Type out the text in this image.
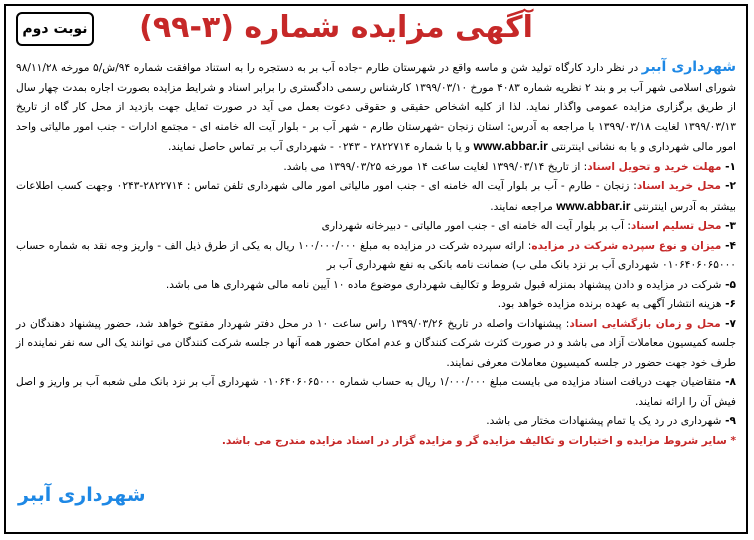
آگهی مزایده شماره (۳-۹۹)
نوبت دوم

شهرداری آببر در نظر دارد کارگاه تولید شن و ماسه واقع در شهرستان طارم -جاده آب بر به دستجره را به استناد موافقت شماره ۹۴/ش/۵ مورخه ۹۸/۱۱/۲۸ شورای اسلامی شهر آب بر و بند ۲ نظریه شماره ۴۰۸۳ مورخ ۱۳۹۹/۰۳/۱۰ کارشناس رسمی دادگستری را برابر اسناد و شرایط مزایده بصورت اجاره بمدت چهار سال از طریق برگزاری مزایده عمومی واگذار نماید. لذا از کلیه اشخاص حقیقی و حقوقی دعوت بعمل می آید در صورت تمایل جهت بازدید از محل کار گاه از تاریخ ۱۳۹۹/۰۳/۱۳ لغایت ۱۳۹۹/۰۳/۱۸ با مراجعه به آدرس: استان زنجان -شهرستان طارم - شهر آب بر - بلوار آیت اله خامنه ای - مجتمع ادارات - جنب امور مالیاتی واحد امور مالی شهرداری و یا به نشانی اینترنتی www.abbar.ir و یا با شماره ۲۸۲۲۷۱۴ - ۰۲۴۳ - شهرداری آب بر تماس حاصل نمایند.

۱- مهلت خرید و تحویل اسناد: از تاریخ ۱۳۹۹/۰۳/۱۴ لغایت ساعت ۱۴ مورخه ۱۳۹۹/۰۳/۲۵ می باشد.

۲- محل خرید اسناد: زنجان - طارم - آب بر بلوار آیت اله خامنه ای - جنب امور مالیاتی امور مالی شهرداری تلفن تماس : ۲۸۲۲۷۱۴-۰۲۴۳ وجهت کسب اطلاعات بیشتر به آدرس اینترنتی www.abbar.ir مراجعه نمایند.

۳- محل تسلیم اسناد: آب بر بلوار آیت اله خامنه ای - جنب امور مالیاتی - دبیرخانه شهرداری

۴- میزان و نوع سپرده شرکت در مزایده: ارائه سپرده شرکت در مزایده به مبلغ ۱۰۰/۰۰۰/۰۰۰ ریال به یکی از طرق ذیل الف - واریز وجه نقد به شماره حساب ۰۱۰۶۴۰۶۰۶۵۰۰۰ شهرداری آب بر نزد بانک ملی ب) ضمانت نامه بانکی به نفع شهرداری آب بر

۵- شرکت در مزایده و دادن پیشنهاد بمنزله قبول شروط و تکالیف شهرداری موضوع ماده ۱۰ آیین نامه مالی شهرداری ها می باشد.

۶- هزینه انتشار آگهی به عهده برنده مزایده خواهد بود.

۷- محل و زمان بازگشایی اسناد: پیشنهادات واصله در تاریخ ۱۳۹۹/۰۳/۲۶ راس ساعت ۱۰ در محل دفتر شهردار مفتوح خواهد شد، حضور پیشنهاد دهندگان در جلسه کمیسیون معاملات آزاد می باشد و در صورت کثرت شرکت کنندگان و عدم امکان حضور همه آنها در جلسه شرکت کنندگان می توانند یک الی سه نفر نماینده از طرف خود جهت حضور در جلسه کمیسیون معاملات معرفی نمایند.

۸- متقاضیان جهت دریافت اسناد مزایده می بایست مبلغ ۱/۰۰۰/۰۰۰ ریال به حساب شماره ۰۱۰۶۴۰۶۰۶۵۰۰۰ شهرداری آب بر نزد بانک ملی شعبه آب بر واریز و اصل فیش آن را ارائه نمایند.

۹- شهرداری در رد یک یا تمام پیشنهادات مختار می باشد.

* سایر شروط مزایده و اختیارات و تکالیف مزایده گر و مزایده گزار در اسناد مزایده مندرج می باشد.

شهرداری آببر
